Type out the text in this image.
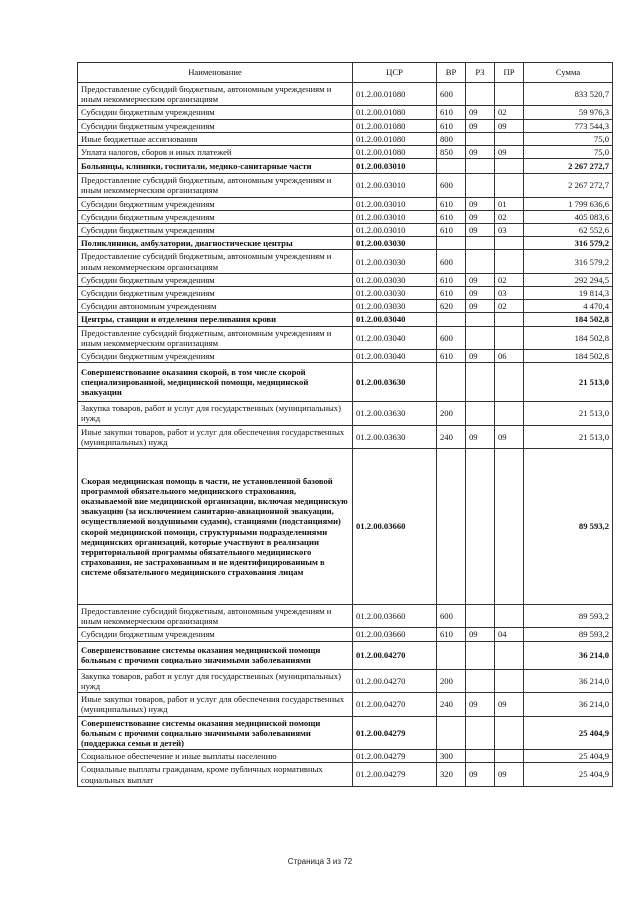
Наименование	ЦСР	ВР	РЗ	ПР	Сумма
Предоставление субсидий бюджетным, автономным учреждениям и иным некоммерческим организациям	01.2.00.01080	600			833 520,7
Субсидии бюджетным учреждениям	01.2.00.01080	610	09	02	59 976,3
Субсидии бюджетным учреждениям	01.2.00.01080	610	09	09	773 544,3
Иные бюджетные ассигнования	01.2.00.01080	800			75,0
Уплата налогов, сборов и иных платежей	01.2.00.01080	850	09	09	75,0
Больницы, клиники, госпитали, медико-санитарные части	01.2.00.03010				2 267 272,7
Предоставление субсидий бюджетным, автономным учреждениям и иным некоммерческим организациям	01.2.00.03010	600			2 267 272,7
Субсидии бюджетным учреждениям	01.2.00.03010	610	09	01	1 799 636,6
Субсидии бюджетным учреждениям	01.2.00.03010	610	09	02	405 083,6
Субсидии бюджетным учреждениям	01.2.00.03010	610	09	03	62 552,6
Поликлиники, амбулатории, диагностические центры	01.2.00.03030				316 579,2
Предоставление субсидий бюджетным, автономным учреждениям и иным некоммерческим организациям	01.2.00.03030	600			316 579,2
Субсидии бюджетным учреждениям	01.2.00.03030	610	09	02	292 294,5
Субсидии бюджетным учреждениям	01.2.00.03030	610	09	03	19 814,3
Субсидии автономным учреждениям	01.2.00.03030	620	09	02	4 470,4
Центры, станции и отделения переливания крови	01.2.00.03040				184 502,8
Предоставление субсидий бюджетным, автономным учреждениям и иным некоммерческим организациям	01.2.00.03040	600			184 502,8
Субсидии бюджетным учреждениям	01.2.00.03040	610	09	06	184 502,8
Совершенствование оказания скорой, в том числе скорой специализированной, медицинской помощи, медицинской эвакуации	01.2.00.03630				21 513,0
Закупка товаров, работ и услуг для государственных (муниципальных) нужд	01.2.00.03630	200			21 513,0
Иные закупки товаров, работ и услуг для обеспечения государственных (муниципальных) нужд	01.2.00.03630	240	09	09	21 513,0
Скорая медицинская помощь в части, не установленной базовой программой обязательного медицинского страхования, оказываемой вне медицинской организации, включая медицинскую эвакуацию (за исключением санитарно-авиационной эвакуации, осуществляемой воздушными судами), станциями (подстанциями) скорой медицинской помощи, структурными подразделениями медицинских организаций, которые участвуют в реализации территориальной программы обязательного медицинского страхования, не застрахованным и не идентифицированным в системе обязательного медицинского страхования лицам	01.2.00.03660				89 593,2
Предоставление субсидий бюджетным, автономным учреждениям и иным некоммерческим организациям	01.2.00.03660	600			89 593,2
Субсидии бюджетным учреждениям	01.2.00.03660	610	09	04	89 593,2
Совершенствование системы оказания медицинской помощи больным с прочими социально значимыми заболеваниями	01.2.00.04270				36 214,0
Закупка товаров, работ и услуг для государственных (муниципальных) нужд	01.2.00.04270	200			36 214,0
Иные закупки товаров, работ и услуг для обеспечения государственных (муниципальных) нужд	01.2.00.04270	240	09	09	36 214,0
Совершенствование системы оказания медицинской помощи больным с прочими социально значимыми заболеваниями (поддержка семьи и детей)	01.2.00.04279				25 404,9
Социальное обеспечение и иные выплаты населению	01.2.00.04279	300			25 404,9
Социальные выплаты гражданам, кроме публичных нормативных социальных выплат	01.2.00.04279	320	09	09	25 404,9
Страница 3 из 72
